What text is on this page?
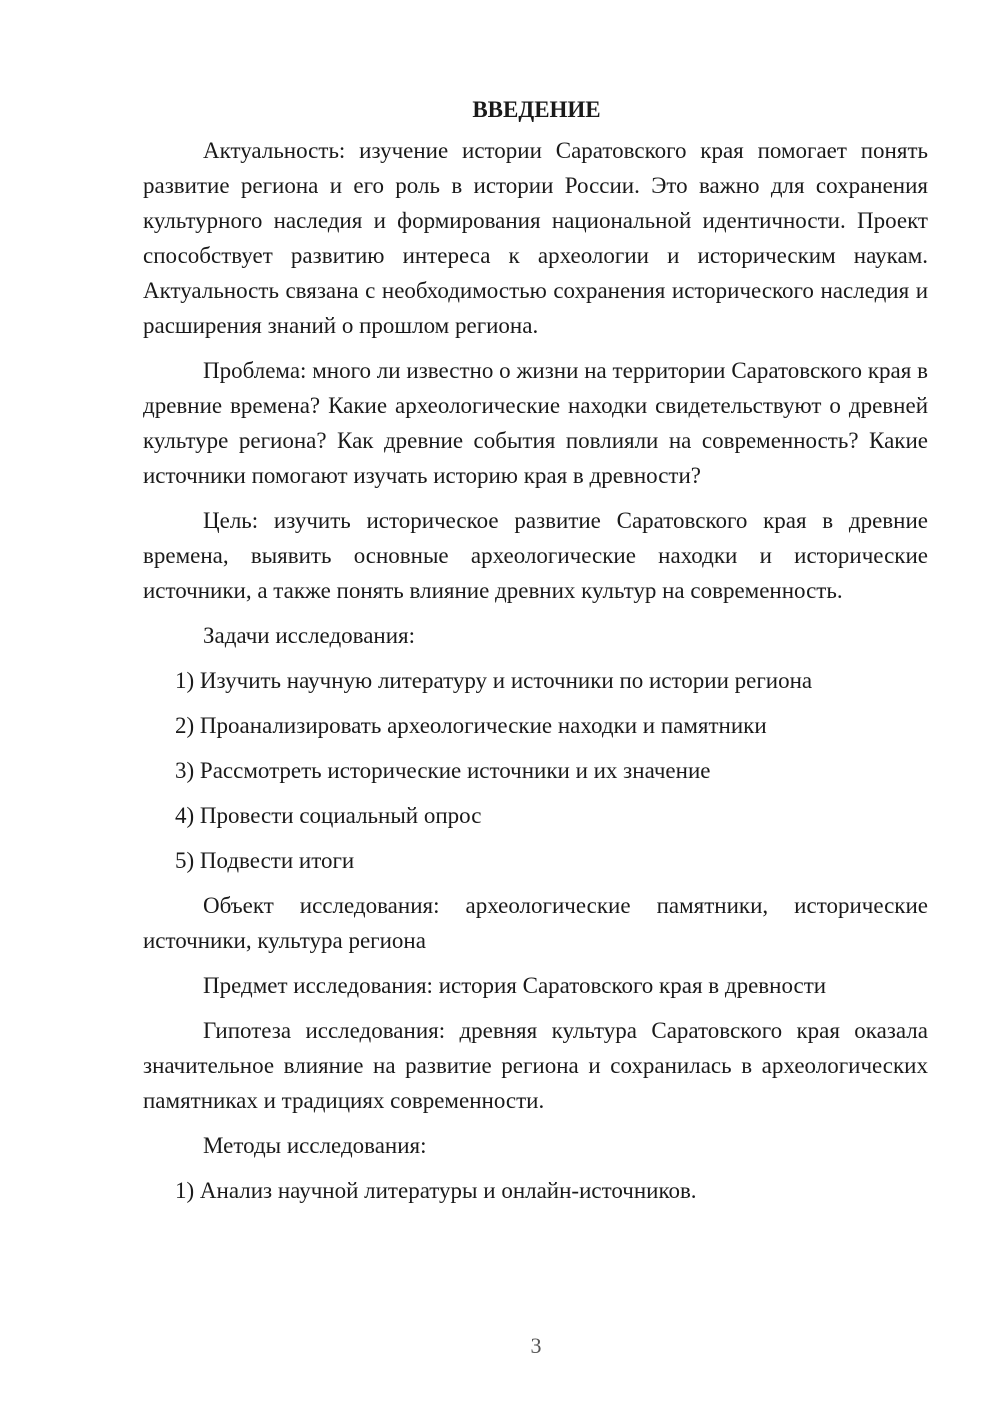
ВВЕДЕНИЕ

Актуальность: изучение истории Саратовского края помогает понять развитие региона и его роль в истории России. Это важно для сохранения культурного наследия и формирования национальной идентичности. Проект способствует развитию интереса к археологии и историческим наукам. Актуальность связана с необходимостью сохранения исторического наследия и расширения знаний о прошлом региона.

Проблема: много ли известно о жизни на территории Саратовского края в древние времена? Какие археологические находки свидетельствуют о древней культуре региона? Как древние события повлияли на современность? Какие источники помогают изучать историю края в древности?

Цель: изучить историческое развитие Саратовского края в древние времена, выявить основные археологические находки и исторические источники, а также понять влияние древних культур на современность.

Задачи исследования:

1) Изучить научную литературу и источники по истории региона

2) Проанализировать археологические находки и памятники

3) Рассмотреть исторические источники и их значение

4) Провести социальный опрос

5) Подвести итоги

Объект исследования: археологические памятники, исторические источники, культура региона

Предмет исследования: история Саратовского края в древности

Гипотеза исследования: древняя культура Саратовского края оказала значительное влияние на развитие региона и сохранилась в археологических памятниках и традициях современности.

Методы исследования:

1) Анализ научной литературы и онлайн-источников.

3
